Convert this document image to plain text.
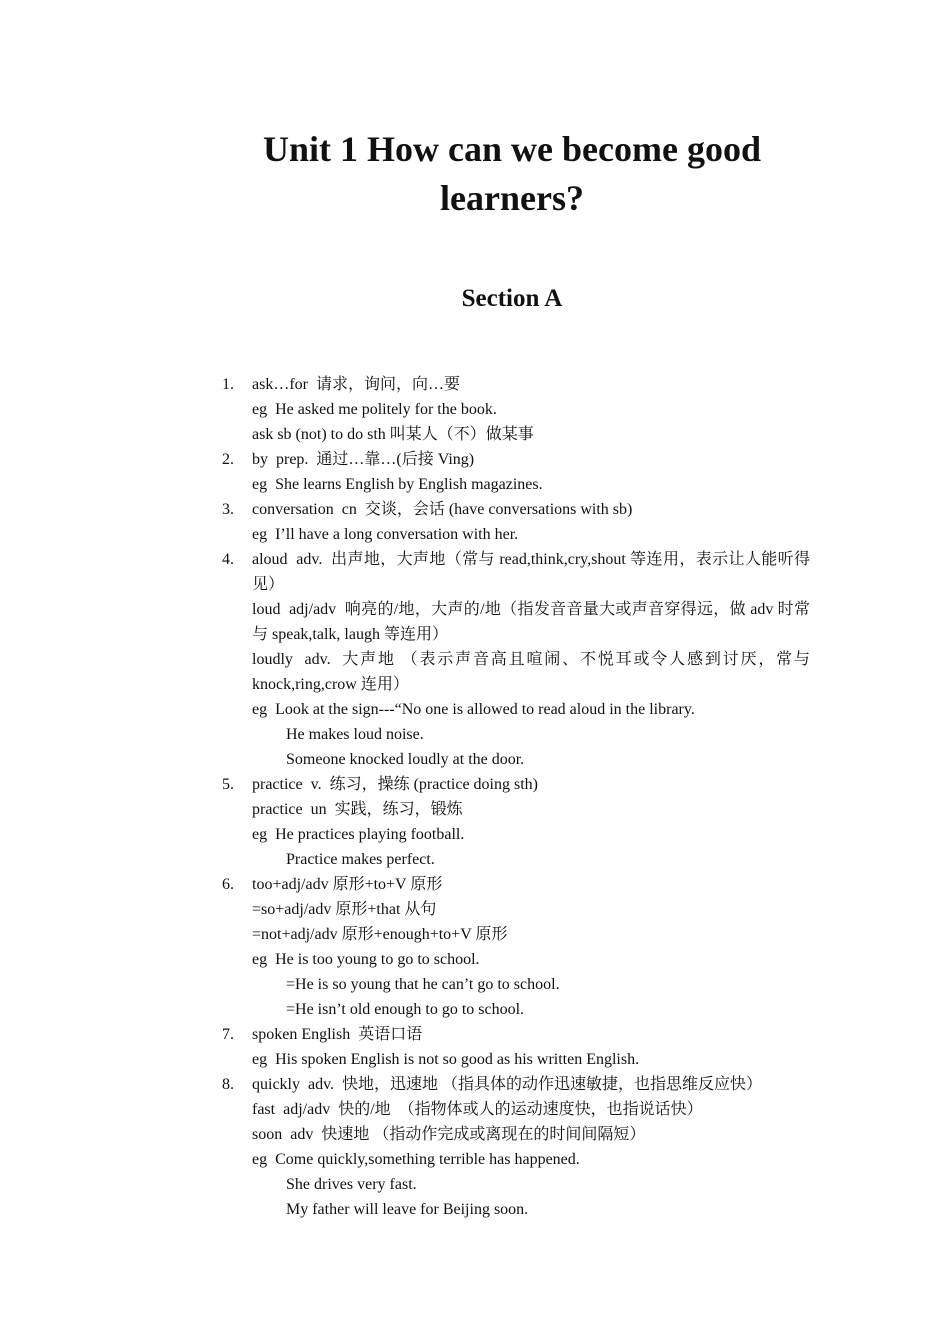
Unit 1 How can we become good
learners?
Section A
1. ask…for  请求，询问，向…要
eg  He asked me politely for the book.
ask sb (not) to do sth 叫某人（不）做某事
2. by  prep.  通过…靠…(后接 Ving)
eg  She learns English by English magazines.
3. conversation  cn  交谈，会话 (have conversations with sb)
eg  I’ll have a long conversation with her.
4. aloud  adv.  出声地，大声地（常与 read,think,cry,shout 等连用，表示让人能听得见）
loud  adj/adv  响亮的/地，大声的/地（指发音音量大或声音穿得远，做 adv 时常与 speak,talk, laugh 等连用）
loudly  adv.  大声地 （表示声音高且喧闹、不悦耳或令人感到讨厌，常与 knock,ring,crow 连用）
eg  Look at the sign---“No one is allowed to read aloud in the library.
He makes loud noise.
Someone knocked loudly at the door.
5. practice  v.  练习，操练 (practice doing sth)
practice  un  实践，练习，锻炼
eg  He practices playing football.
Practice makes perfect.
6. too+adj/adv 原形+to+V 原形
=so+adj/adv 原形+that 从句
=not+adj/adv 原形+enough+to+V 原形
eg  He is too young to go to school.
=He is so young that he can’t go to school.
=He isn’t old enough to go to school.
7. spoken English  英语口语
eg  His spoken English is not so good as his written English.
8. quickly  adv.  快地，迅速地 （指具体的动作迅速敏捷，也指思维反应快）
fast  adj/adv  快的/地  （指物体或人的运动速度快，也指说话快）
soon  adv  快速地 （指动作完成或离现在的时间间隔短）
eg  Come quickly,something terrible has happened.
She drives very fast.
My father will leave for Beijing soon.
